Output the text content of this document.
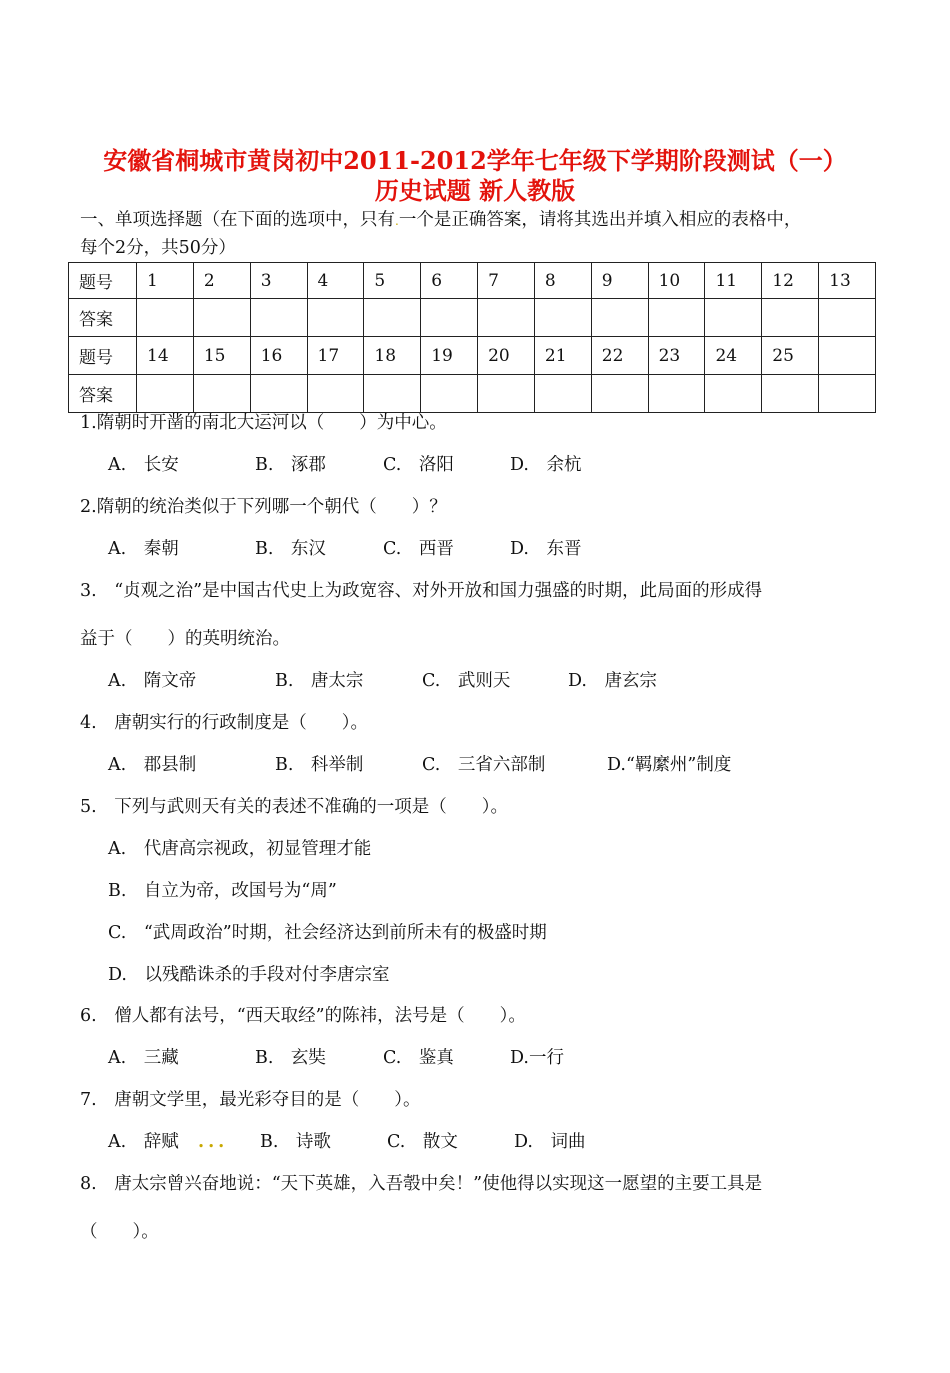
安徽省桐城市黄岗初中2011-2012学年七年级下学期阶段测试（一）
历史试题 新人教版
一、单项选择题（在下面的选项中，只有.一个是正确答案，请将其选出并填入相应的表格中，
每个2分，共50分）
题号	1	2	3	4	5	6	7	8	9	10	11	12	13
答案													
题号	14	15	16	17	18	19	20	21	22	23	24	25	
答案													
1.隋朝时开凿的南北大运河以（　　）为中心。
A.　长安	B.　涿郡	C.　洛阳	D.　余杭
2.隋朝的统治类似于下列哪一个朝代（　　）？
A.　秦朝	B.　东汉	C.　西晋	D.　东晋
3.　“贞观之治”是中国古代史上为政宽容、对外开放和国力强盛的时期，此局面的形成得
益于（　　）的英明统治。
A.　隋文帝	B.　唐太宗	C.　武则天	D.　唐玄宗
4.　唐朝实行的行政制度是（　　）。
A.　郡县制	B.　科举制	C.　三省六部制	D.“羁縻州”制度
5.　下列与武则天有关的表述不准确的一项是（　　）。
A.　代唐高宗视政，初显管理才能
B.　自立为帝，改国号为“周”
C.　“武周政治”时期，社会经济达到前所未有的极盛时期
D.　以残酷诛杀的手段对付李唐宗室
6.　僧人都有法号，“西天取经”的陈祎，法号是（　　）。
A.　三藏	B.　玄奘	C.　鉴真	D.一行
7.　唐朝文学里，最光彩夺目的是（　　）。
A.　辞赋 ... B.　诗歌	C.　散文	D.　词曲
8.　唐太宗曾兴奋地说：“天下英雄，入吾彀中矣！”使他得以实现这一愿望的主要工具是
（　　）。
